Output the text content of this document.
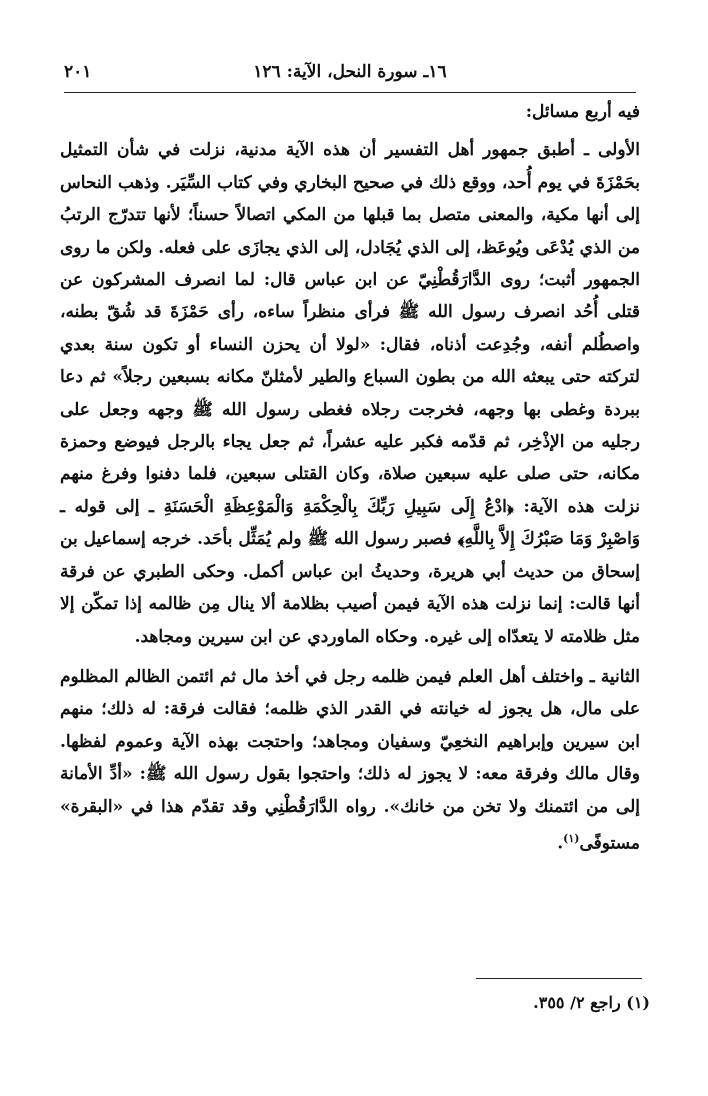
١٦ـ سورة النحل، الآية: ١٢٦
٢٠١

فيه أربع مسائل:

الأولى ـ أطبق جمهور أهل التفسير أن هذه الآية مدنية، نزلت في شأن التمثيل بحَمْزَةَ في يوم أُحد، ووقع ذلك في صحيح البخاري وفي كتاب السِّيَر. وذهب النحاس إلى أنها مكية، والمعنى متصل بما قبلها من المكي اتصالاً حسناً؛ لأنها تتدرّج الرتبُ من الذي يُدْعَى ويُوعَظ، إلى الذي يُجَادل، إلى الذي يجازَى على فعله. ولكن ما روى الجمهور أثبت؛ روى الدَّارَقُطْنِيّ عن ابن عباس قال: لما انصرف المشركون عن قتلى أُحُد انصرف رسول الله ﷺ فرأى منظراً ساءه، رأى حَمْزَةَ قد شُقّ بطنه، واصطُلم أنفه، وجُدِعت أذناه، فقال: «لولا أن يحزن النساء أو تكون سنة بعدي لتركته حتى يبعثه الله من بطون السباع والطير لأمثلنّ مكانه بسبعين رجلاً» ثم دعا ببردة وغطى بها وجهه، فخرجت رجلاه فغطى رسول الله ﷺ وجهه وجعل على رجليه من الإذْخِر، ثم قدّمه فكبر عليه عشراً، ثم جعل يجاء بالرجل فيوضع وحمزة مكانه، حتى صلى عليه سبعين صلاة، وكان القتلى سبعين، فلما دفنوا وفرغ منهم نزلت هذه الآية: ﴿ادْعُ إِلَى سَبِيلِ رَبِّكَ بِالْحِكْمَةِ وَالْمَوْعِظَةِ الْحَسَنَةِ ـ إلى قوله ـ وَاصْبِرْ وَمَا صَبْرُكَ إِلاَّ بِاللَّهِ﴾ فصبر رسول الله ﷺ ولم يُمَثِّل بأحَد. خرجه إسماعيل بن إسحاق من حديث أبي هريرة، وحديثُ ابن عباس أكمل. وحكى الطبري عن فرقة أنها قالت: إنما نزلت هذه الآية فيمن أصيب بظلامة ألا ينال مِن ظالمه إذا تمكّن إلا مثل ظلامته لا يتعدّاه إلى غيره. وحكاه الماوردي عن ابن سيرين ومجاهد.

الثانية ـ واختلف أهل العلم فيمن ظلمه رجل في أخذ مال ثم ائتمن الظالم المظلوم على مال، هل يجوز له خيانته في القدر الذي ظلمه؛ فقالت فرقة: له ذلك؛ منهم ابن سيرين وإبراهيم النخعِيّ وسفيان ومجاهد؛ واحتجت بهذه الآية وعموم لفظها. وقال مالك وفرقة معه: لا يجوز له ذلك؛ واحتجوا بقول رسول الله ﷺ: «أدِّ الأمانة إلى من ائتمنك ولا تخن من خانك». رواه الدَّارَقُطْنِي وقد تقدّم هذا في «البقرة» مستوفًى$^{(١)}$.

(١) راجع ٢/ ٣٥٥.
